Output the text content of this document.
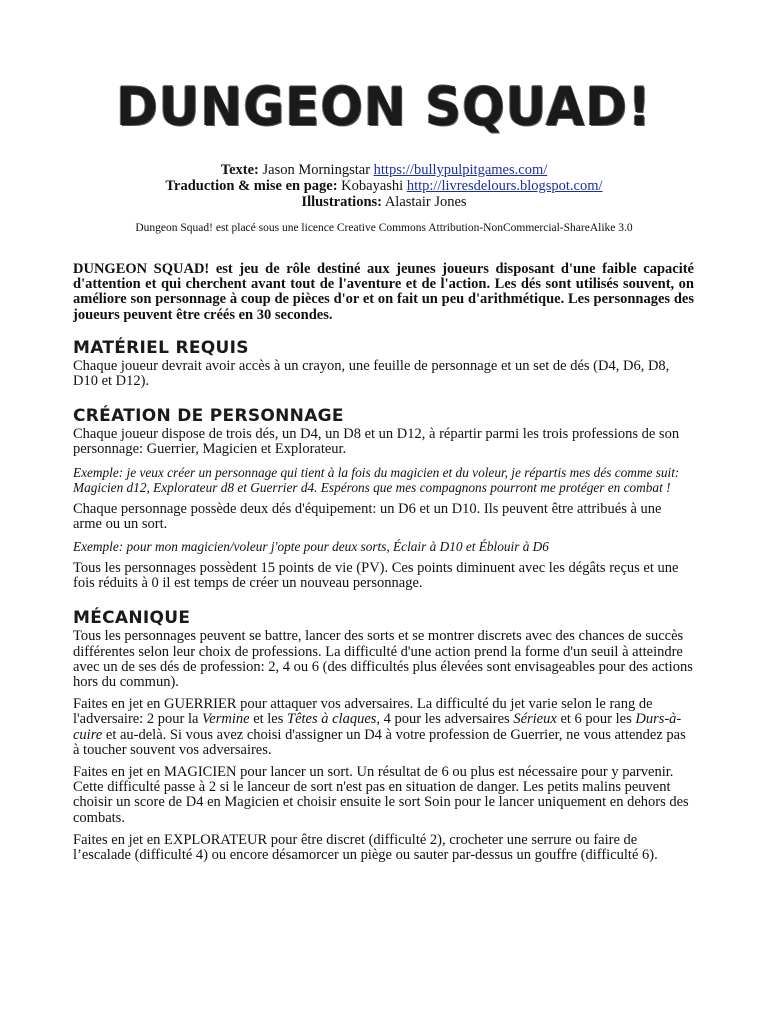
DUNGEON SQUAD!
Texte: Jason Morningstar https://bullypulpitgames.com/
Traduction & mise en page: Kobayashi http://livresdelours.blogspot.com/
Illustrations: Alastair Jones
Dungeon Squad! est placé sous une licence Creative Commons Attribution-NonCommercial-ShareAlike 3.0

DUNGEON SQUAD! est jeu de rôle destiné aux jeunes joueurs disposant d'une faible capacité d'attention et qui cherchent avant tout de l'aventure et de l'action. Les dés sont utilisés souvent, on améliore son personnage à coup de pièces d'or et on fait un peu d'arithmétique. Les personnages des joueurs peuvent être créés en 30 secondes.

MATÉRIEL REQUIS

Chaque joueur devrait avoir accès à un crayon, une feuille de personnage et un set de dés (D4, D6, D8, D10 et D12).

CRÉATION DE PERSONNAGE

Chaque joueur dispose de trois dés, un D4, un D8 et un D12, à répartir parmi les trois professions de son personnage: Guerrier, Magicien et Explorateur.

Exemple: je veux créer un personnage qui tient à la fois du magicien et du voleur, je répartis mes dés comme suit: Magicien d12, Explorateur d8 et Guerrier d4. Espérons que mes compagnons pourront me protéger en combat !

Chaque personnage possède deux dés d'équipement: un D6 et un D10. Ils peuvent être attribués à une arme ou un sort.

Exemple: pour mon magicien/voleur j'opte pour deux sorts, Éclair à D10 et Éblouir à D6

Tous les personnages possèdent 15 points de vie (PV). Ces points diminuent avec les dégâts reçus et une fois réduits à 0 il est temps de créer un nouveau personnage.

MÉCANIQUE

Tous les personnages peuvent se battre, lancer des sorts et se montrer discrets avec des chances de succès différentes selon leur choix de professions. La difficulté d'une action prend la forme d'un seuil à atteindre avec un de ses dés de profession: 2, 4 ou 6 (des difficultés plus élevées sont envisageables pour des actions hors du commun).

Faites en jet en GUERRIER pour attaquer vos adversaires. La difficulté du jet varie selon le rang de l'adversaire: 2 pour la Vermine et les Têtes à claques, 4 pour les adversaires Sérieux et 6 pour les Durs-à-cuire et au-delà. Si vous avez choisi d'assigner un D4 à votre profession de Guerrier, ne vous attendez pas à toucher souvent vos adversaires.

Faites en jet en MAGICIEN pour lancer un sort. Un résultat de 6 ou plus est nécessaire pour y parvenir. Cette difficulté passe à 2 si le lanceur de sort n'est pas en situation de danger. Les petits malins peuvent choisir un score de D4 en Magicien et choisir ensuite le sort Soin pour le lancer uniquement en dehors des combats.

Faites en jet en EXPLORATEUR pour être discret (difficulté 2), crocheter une serrure ou faire de l’escalade (difficulté 4) ou encore désamorcer un piège ou sauter par-dessus un gouffre (difficulté 6).
